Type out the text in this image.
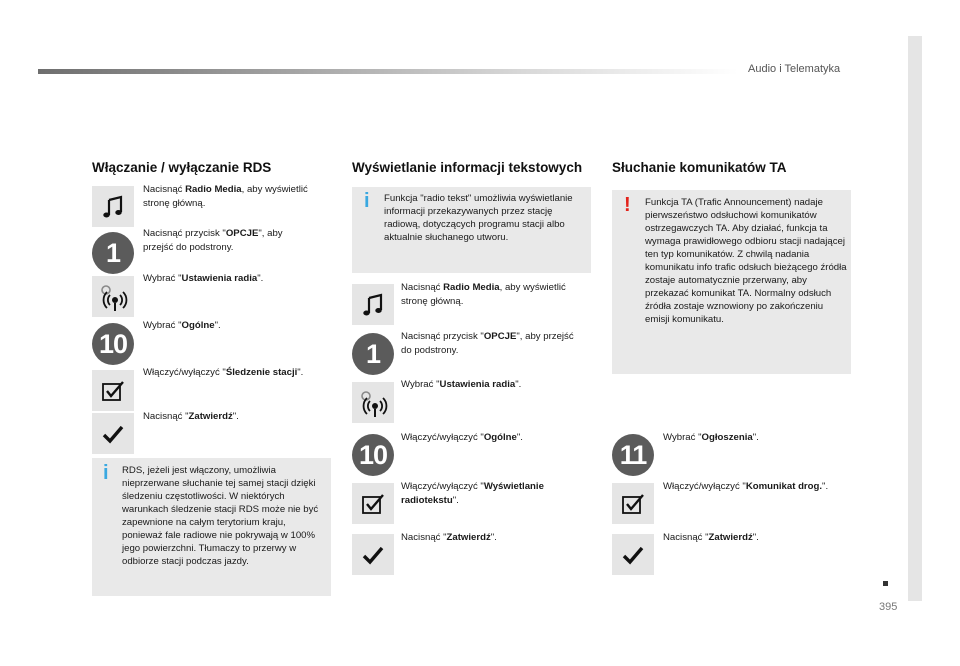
Audio i Telematyka
395
Włączanie / wyłączanie RDS
Nacisnąć Radio Media, aby wyświetlić stronę główną.
1
Nacisnąć przycisk "OPCJE", aby przejść do podstrony.
Wybrać "Ustawienia radia".
10
Wybrać "Ogólne".
Włączyć/wyłączyć "Śledzenie stacji".
Nacisnąć "Zatwierdź".
i RDS, jeżeli jest włączony, umożliwia nieprzerwane słuchanie tej samej stacji dzięki śledzeniu częstotliwości. W niektórych warunkach śledzenie stacji RDS może nie być zapewnione na całym terytorium kraju, ponieważ fale radiowe nie pokrywają w 100% jego powierzchni. Tłumaczy to przerwy w odbiorze stacji podczas jazdy.
Wyświetlanie informacji tekstowych
i Funkcja "radio tekst" umożliwia wyświetlanie informacji przekazywanych przez stację radiową, dotyczących programu stacji albo aktualnie słuchanego utworu.
Nacisnąć Radio Media, aby wyświetlić stronę główną.
1
Nacisnąć przycisk "OPCJE", aby przejść do podstrony.
Wybrać "Ustawienia radia".
10
Włączyć/wyłączyć "Ogólne".
Włączyć/wyłączyć "Wyświetlanie radiotekstu".
Nacisnąć "Zatwierdź".
Słuchanie komunikatów TA
! Funkcja TA (Trafic Announcement) nadaje pierwszeństwo odsłuchowi komunikatów ostrzegawczych TA. Aby działać, funkcja ta wymaga prawidłowego odbioru stacji nadającej ten typ komunikatów. Z chwilą nadania komunikatu info trafic odsłuch bieżącego źródła zostaje automatycznie przerwany, aby przekazać komunikat TA. Normalny odsłuch źródła zostaje wznowiony po zakończeniu emisji komunikatu.
11
Wybrać "Ogłoszenia".
Włączyć/wyłączyć "Komunikat drog.".
Nacisnąć "Zatwierdź".
